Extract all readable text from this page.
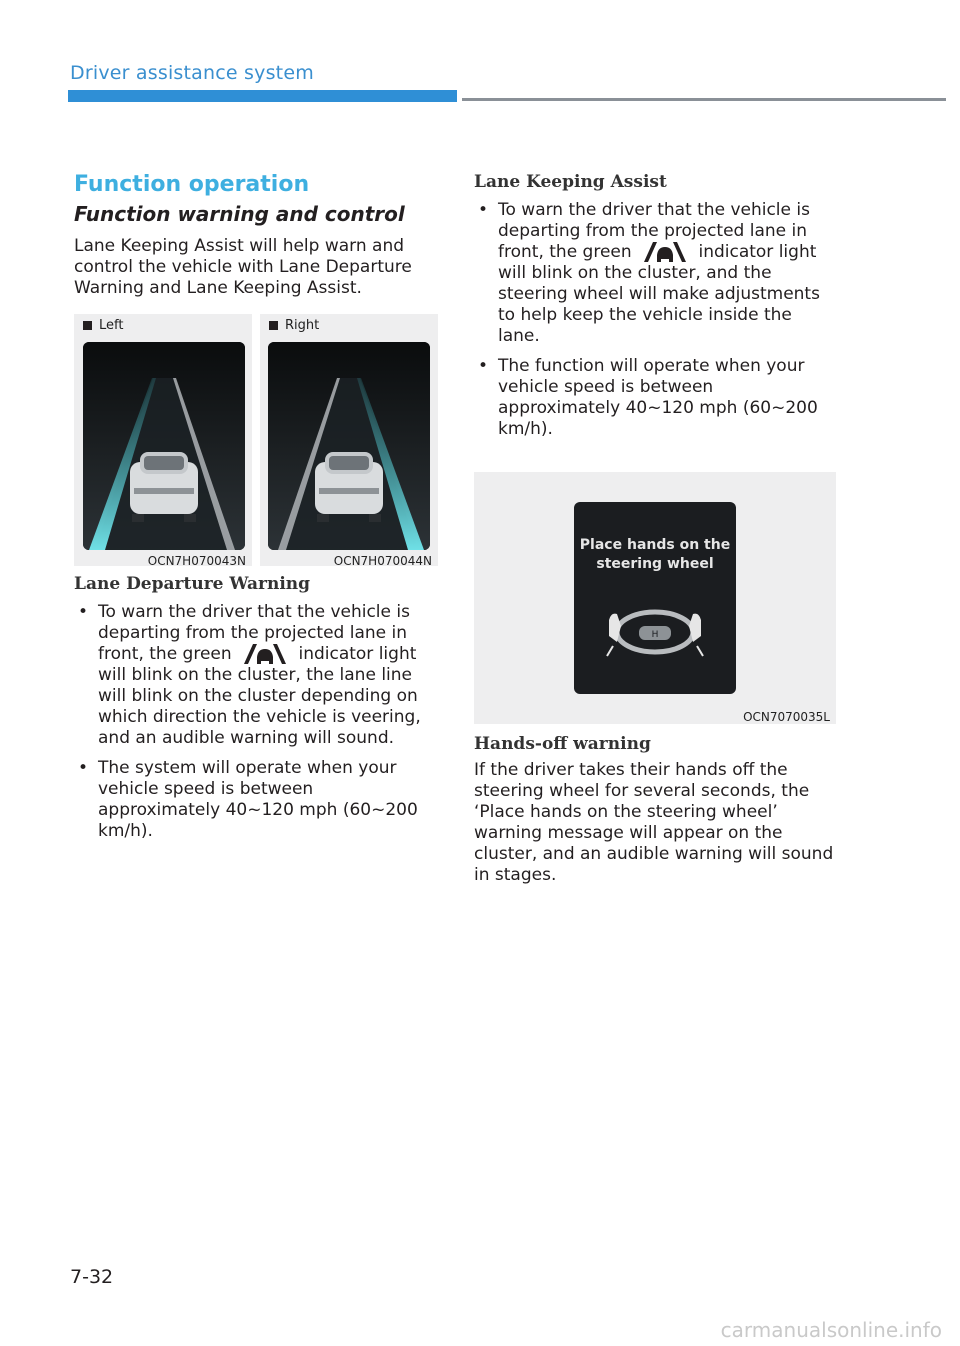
Driver assistance system
Function operation
Function warning and control

Lane Keeping Assist will help warn and control the vehicle with Lane Departure Warning and Lane Keeping Assist.

Left
OCN7H070043N
Right
OCN7H070044N
Lane Departure Warning
• To warn the driver that the vehicle is departing from the projected lane in front, the green	indicator light will blink on the cluster, the lane line will blink on the cluster depending on which direction the vehicle is veering, and an audible warning will sound.
• The system will operate when your vehicle speed is between approximately 40~120 mph (60~200 km/h).
Lane Keeping Assist
• To warn the driver that the vehicle is departing from the projected lane in front, the green	indicator light will blink on the cluster, and the steering wheel will make adjustments to help keep the vehicle inside the lane.
• The function will operate when your vehicle speed is between approximately 40~120 mph (60~200 km/h).
Place hands on the
steering wheel
H
OCN7070035L
Hands-off warning

If the driver takes their hands off the steering wheel for several seconds, the ‘Place hands on the steering wheel’ warning message will appear on the cluster, and an audible warning will sound in stages.

7-32
carmanualsonline.info
